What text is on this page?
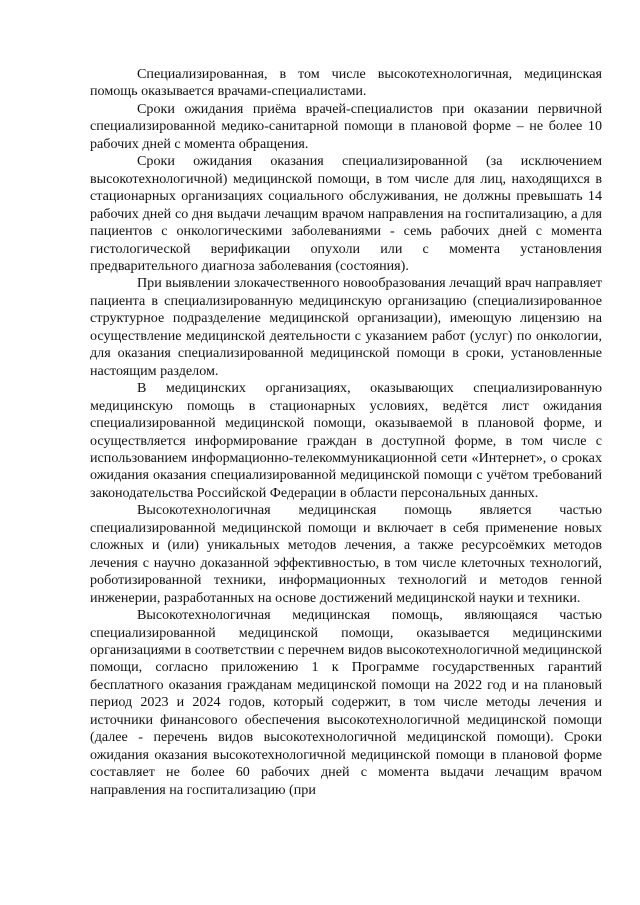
Специализированная, в том числе высокотехнологичная, медицинская помощь оказывается врачами-специалистами.

Сроки ожидания приёма врачей-специалистов при оказании первичной специализированной медико-санитарной помощи в плановой форме – не более 10 рабочих дней с момента обращения.

Сроки ожидания оказания специализированной (за исключением высокотехнологичной) медицинской помощи, в том числе для лиц, находящихся в стационарных организациях социального обслуживания, не должны превышать 14 рабочих дней со дня выдачи лечащим врачом направления на госпитализацию, а для пациентов с онкологическими заболеваниями - семь рабочих дней с момента гистологической верификации опухоли или с момента установления предварительного диагноза заболевания (состояния).

При выявлении злокачественного новообразования лечащий врач направляет пациента в специализированную медицинскую организацию (специализированное структурное подразделение медицинской организации), имеющую лицензию на осуществление медицинской деятельности с указанием работ (услуг) по онкологии, для оказания специализированной медицинской помощи в сроки, установленные настоящим разделом.

В медицинских организациях, оказывающих специализированную медицинскую помощь в стационарных условиях, ведётся лист ожидания специализированной медицинской помощи, оказываемой в плановой форме, и осуществляется информирование граждан в доступной форме, в том числе с использованием информационно-телекоммуникационной сети «Интернет», о сроках ожидания оказания специализированной медицинской помощи с учётом требований законодательства Российской Федерации в области персональных данных.

Высокотехнологичная медицинская помощь является частью специализированной медицинской помощи и включает в себя применение новых сложных и (или) уникальных методов лечения, а также ресурсоёмких методов лечения с научно доказанной эффективностью, в том числе клеточных технологий, роботизированной техники, информационных технологий и методов генной инженерии, разработанных на основе достижений медицинской науки и техники.

Высокотехнологичная медицинская помощь, являющаяся частью специализированной медицинской помощи, оказывается медицинскими организациями в соответствии с перечнем видов высокотехнологичной медицинской помощи, согласно приложению 1 к Программе государственных гарантий бесплатного оказания гражданам медицинской помощи на 2022 год и на плановый период 2023 и 2024 годов, который содержит, в том числе методы лечения и источники финансового обеспечения высокотехнологичной медицинской помощи (далее - перечень видов высокотехнологичной медицинской помощи). Сроки ожидания оказания высокотехнологичной медицинской помощи в плановой форме составляет не более 60 рабочих дней с момента выдачи лечащим врачом направления на госпитализацию (при
